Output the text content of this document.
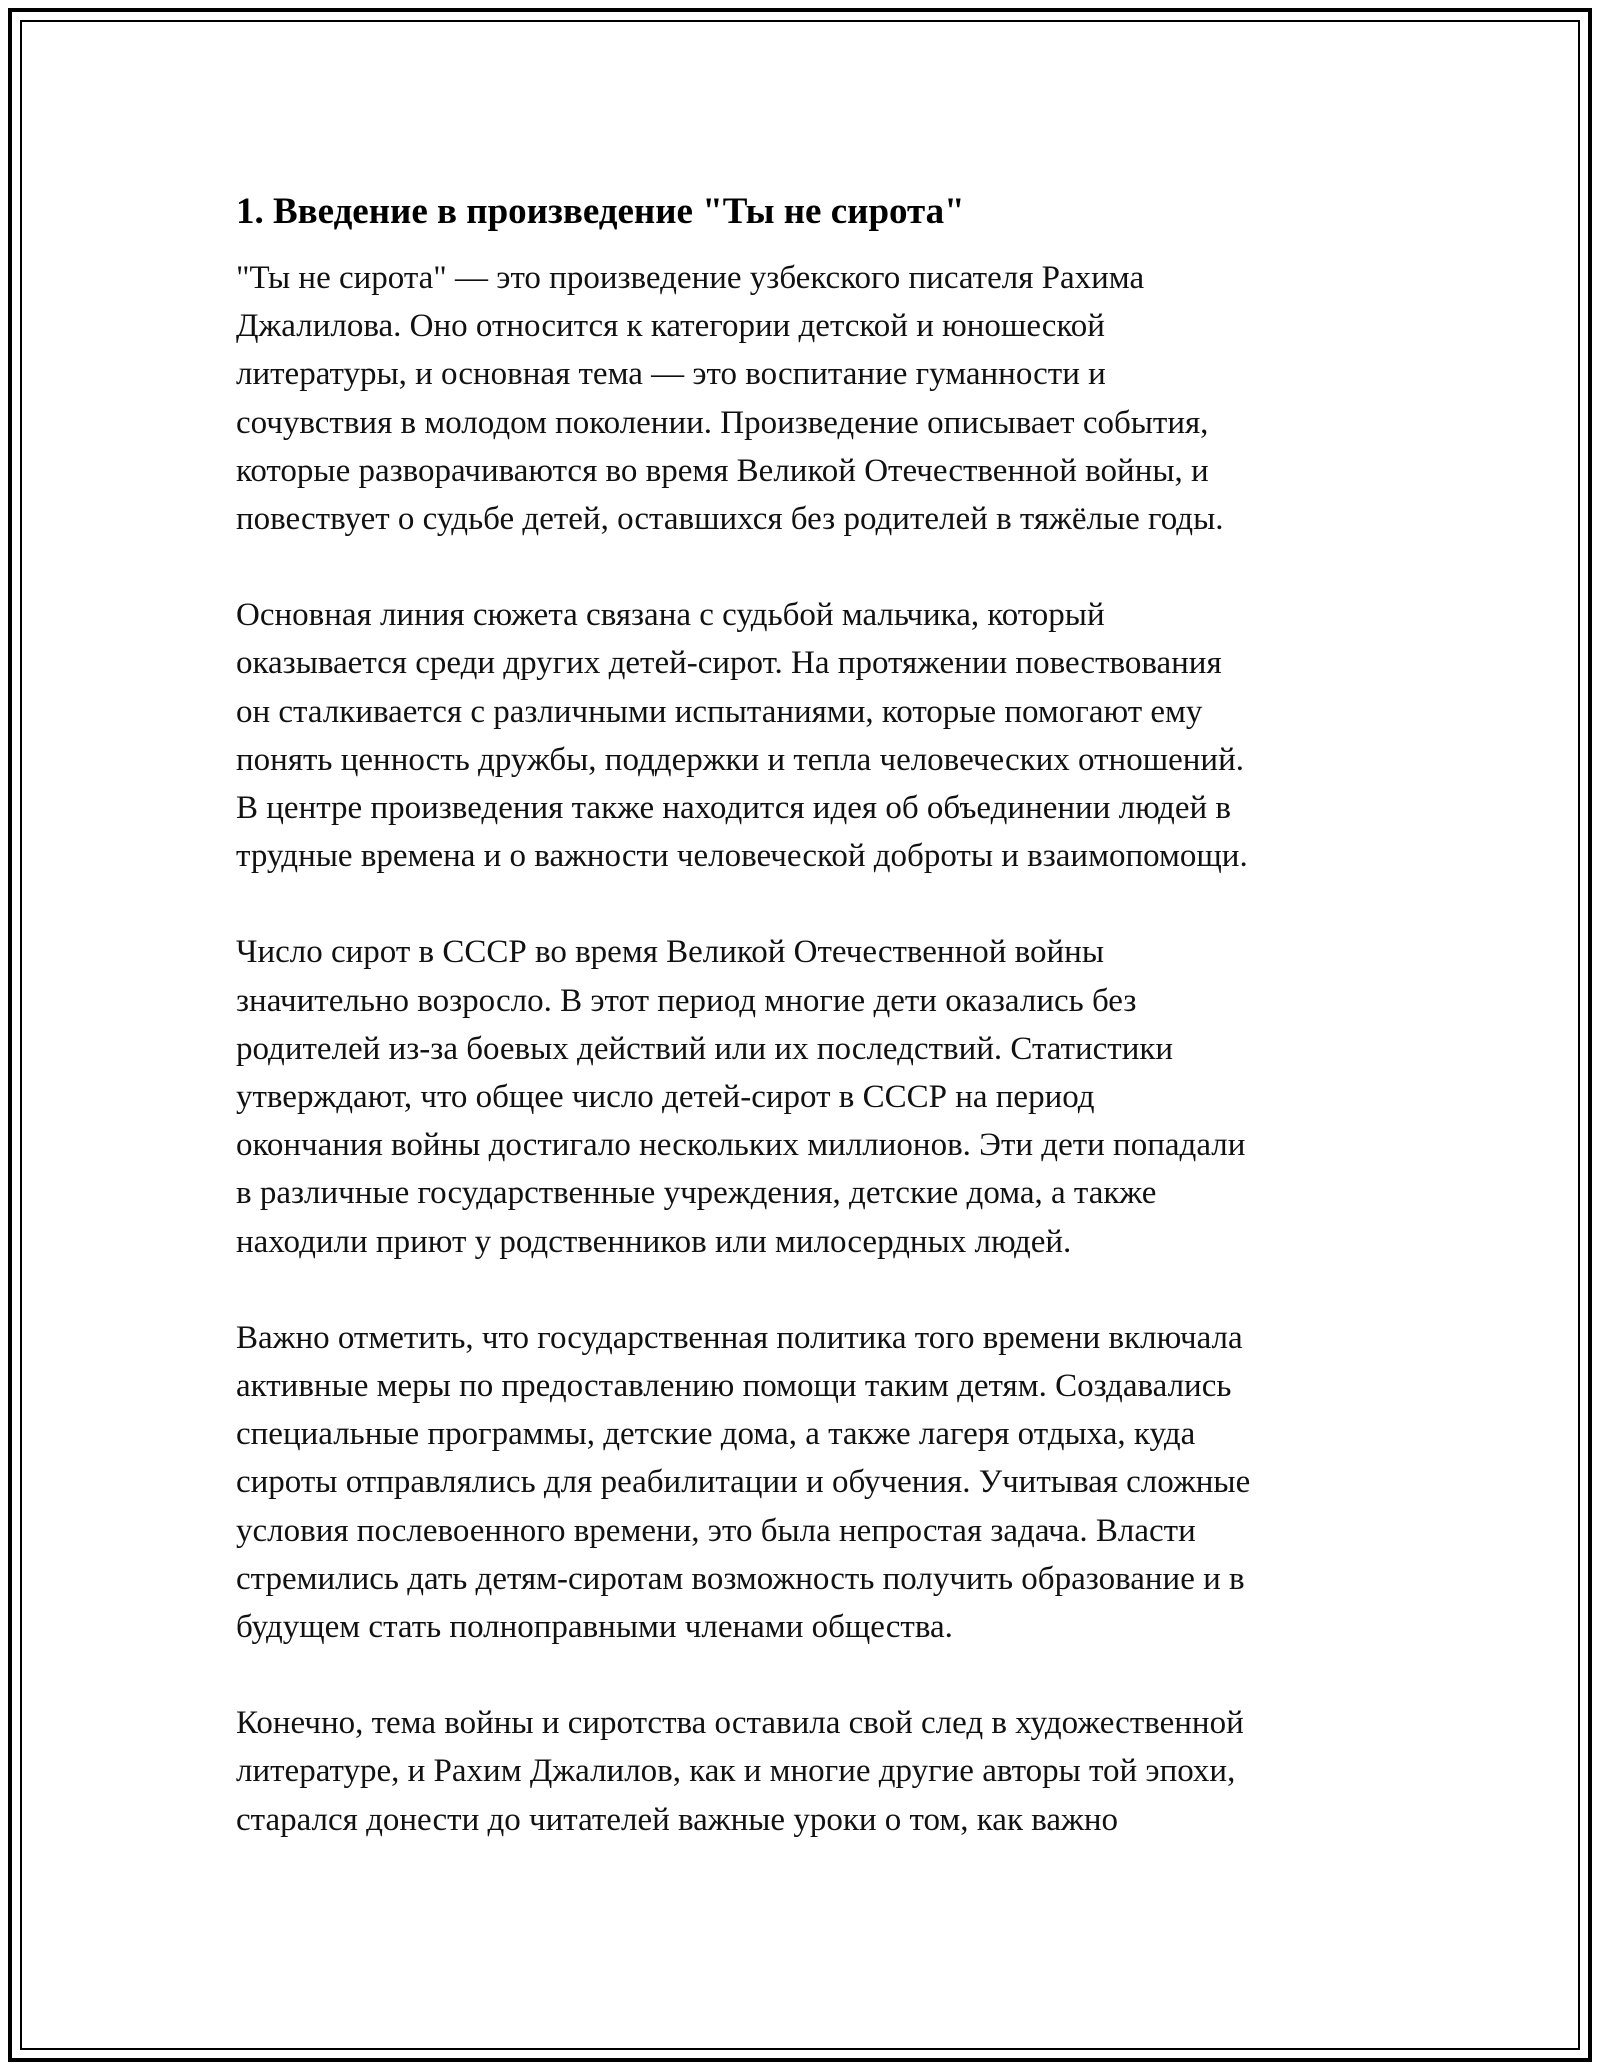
1. Введение в произведение "Ты не сирота"

"Ты не сирота" — это произведение узбекского писателя Рахима
Джалилова. Оно относится к категории детской и юношеской
литературы, и основная тема — это воспитание гуманности и
сочувствия в молодом поколении. Произведение описывает события,
которые разворачиваются во время Великой Отечественной войны, и
повествует о судьбе детей, оставшихся без родителей в тяжёлые годы.

Основная линия сюжета связана с судьбой мальчика, который
оказывается среди других детей-сирот. На протяжении повествования
он сталкивается с различными испытаниями, которые помогают ему
понять ценность дружбы, поддержки и тепла человеческих отношений.
В центре произведения также находится идея об объединении людей в
трудные времена и о важности человеческой доброты и взаимопомощи.

Число сирот в СССР во время Великой Отечественной войны
значительно возросло. В этот период многие дети оказались без
родителей из-за боевых действий или их последствий. Статистики
утверждают, что общее число детей-сирот в СССР на период
окончания войны достигало нескольких миллионов. Эти дети попадали
в различные государственные учреждения, детские дома, а также
находили приют у родственников или милосердных людей.

Важно отметить, что государственная политика того времени включала
активные меры по предоставлению помощи таким детям. Создавались
специальные программы, детские дома, а также лагеря отдыха, куда
сироты отправлялись для реабилитации и обучения. Учитывая сложные
условия послевоенного времени, это была непростая задача. Власти
стремились дать детям-сиротам возможность получить образование и в
будущем стать полноправными членами общества.

Конечно, тема войны и сиротства оставила свой след в художественной
литературе, и Рахим Джалилов, как и многие другие авторы той эпохи,
старался донести до читателей важные уроки о том, как важно
